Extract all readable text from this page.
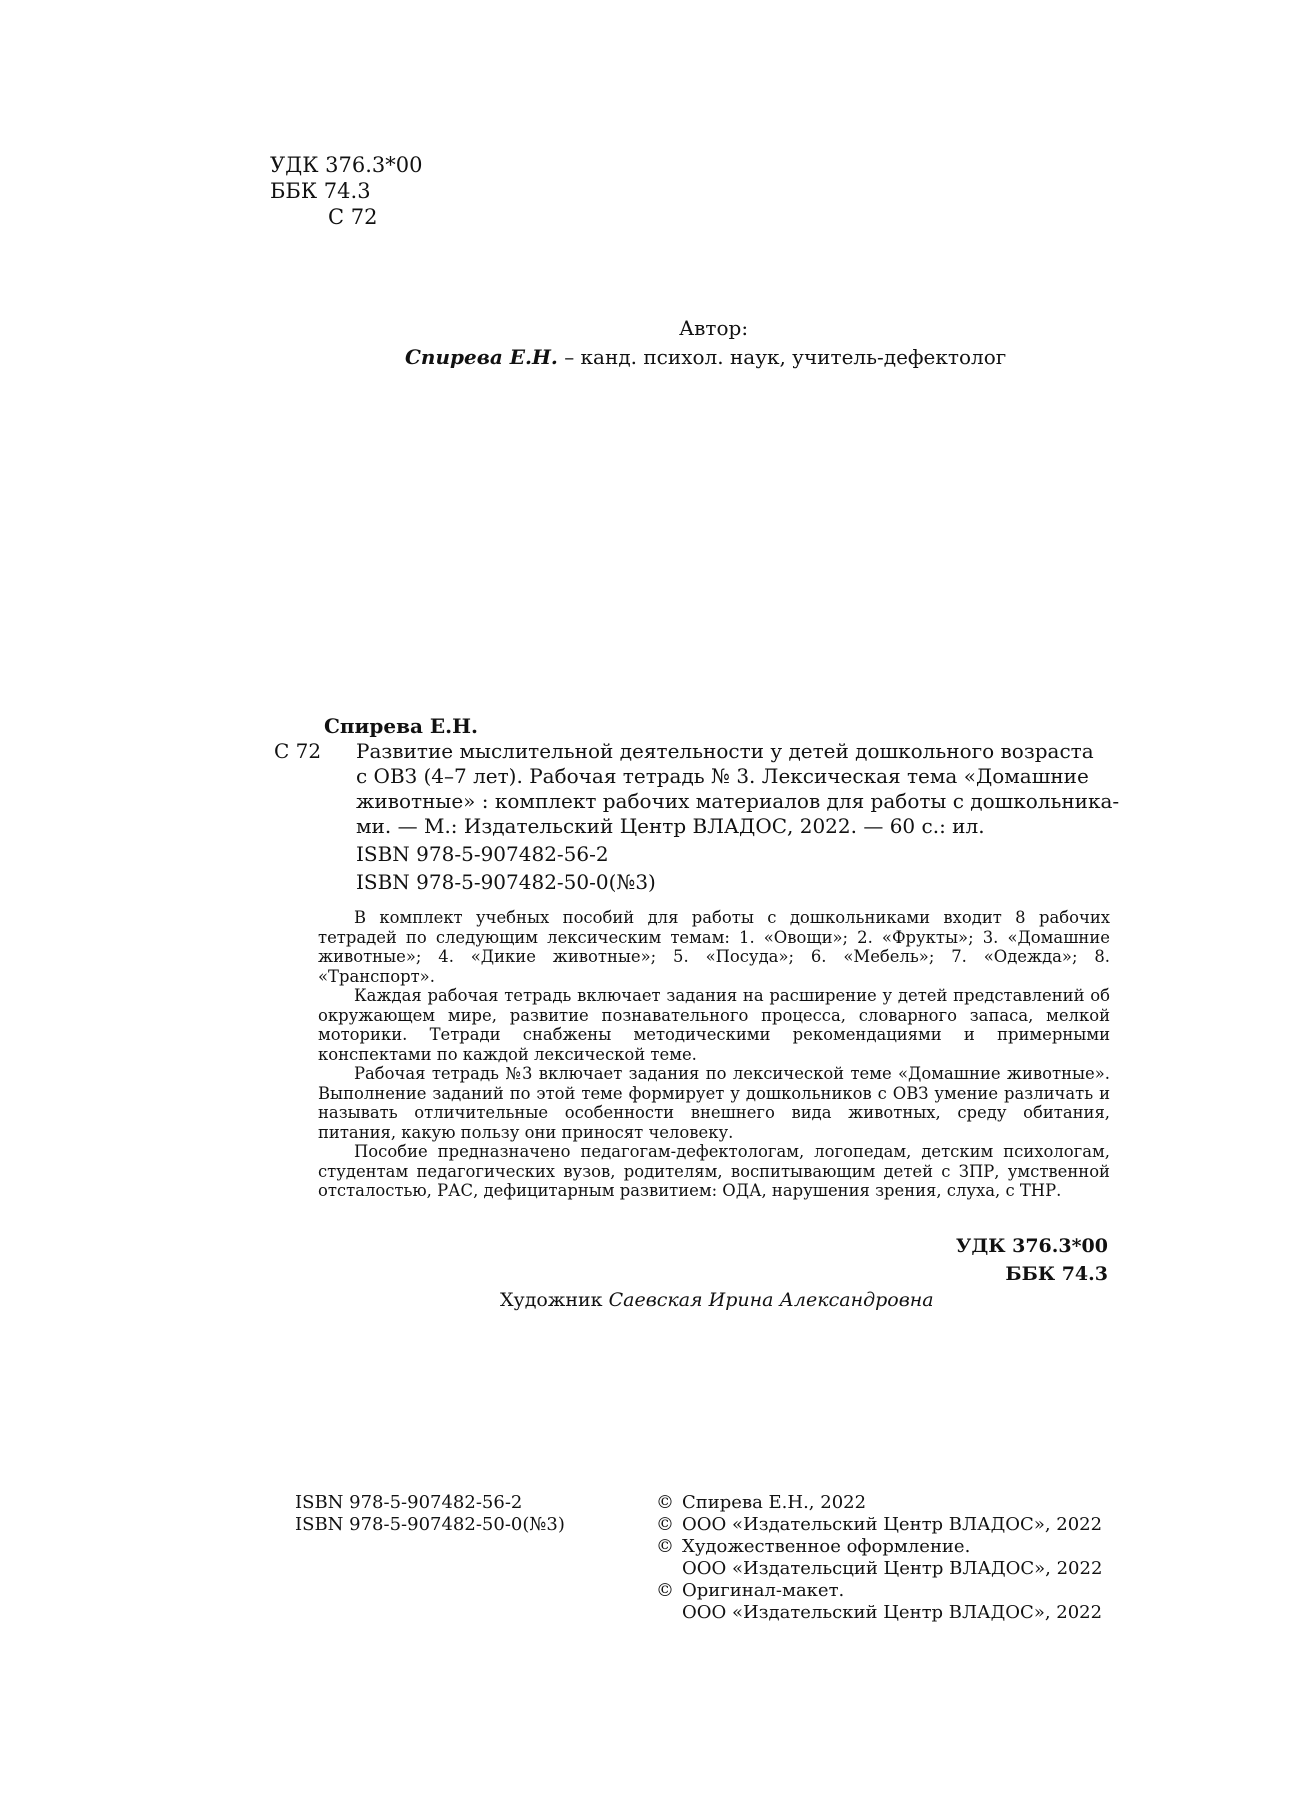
УДК 376.3*00
ББК 74.3
С 72
Автор:
Спирева Е.Н. – канд. психол. наук, учитель-дефектолог
Спирева Е.Н.
С 72	Развитие мыслительной деятельности у детей дошкольного возраста
с ОВЗ (4–7 лет). Рабочая тетрадь № 3. Лексическая тема «Домашние
животные» : комплект рабочих материалов для работы с дошкольника-
ми. — М.: Издательский Центр ВЛАДОС, 2022. — 60 с.: ил.
ISBN 978-5-907482-56-2
ISBN 978-5-907482-50-0(№3)

В комплект учебных пособий для работы с дошкольниками входит 8 рабочих тетрадей по следующим лексическим темам: 1. «Овощи»; 2. «Фрукты»; 3. «Домашние животные»; 4. «Дикие животные»; 5. «Посуда»; 6. «Мебель»; 7. «Одежда»; 8. «Транспорт».

Каждая рабочая тетрадь включает задания на расширение у детей представлений об окружающем мире, развитие познавательного процесса, словарного запаса, мелкой моторики. Тетради снабжены методическими рекомендациями и примерными конспектами по каждой лексической теме.

Рабочая тетрадь №3 включает задания по лексической теме «Домашние животные». Выполнение заданий по этой теме формирует у дошкольников с ОВЗ умение различать и называть отличительные особенности внешнего вида животных, среду обитания, питания, какую пользу они приносят человеку.

Пособие предназначено педагогам-дефектологам, логопедам, детским психологам, студентам педагогических вузов, родителям, воспитывающим детей с ЗПР, умственной отсталостью, РАС, дефицитарным развитием: ОДА, нарушения зрения, слуха, с ТНР.

УДК 376.3*00
ББК 74.3
Художник Саевская Ирина Александровна
ISBN 978-5-907482-56-2
ISBN 978-5-907482-50-0(№3)
© Спирева Е.Н., 2022
© ООО «Издательский Центр ВЛАДОС», 2022
© Художественное оформление.
ООО «Издательсций Центр ВЛАДОС», 2022
© Оригинал-макет.
ООО «Издательский Центр ВЛАДОС», 2022
